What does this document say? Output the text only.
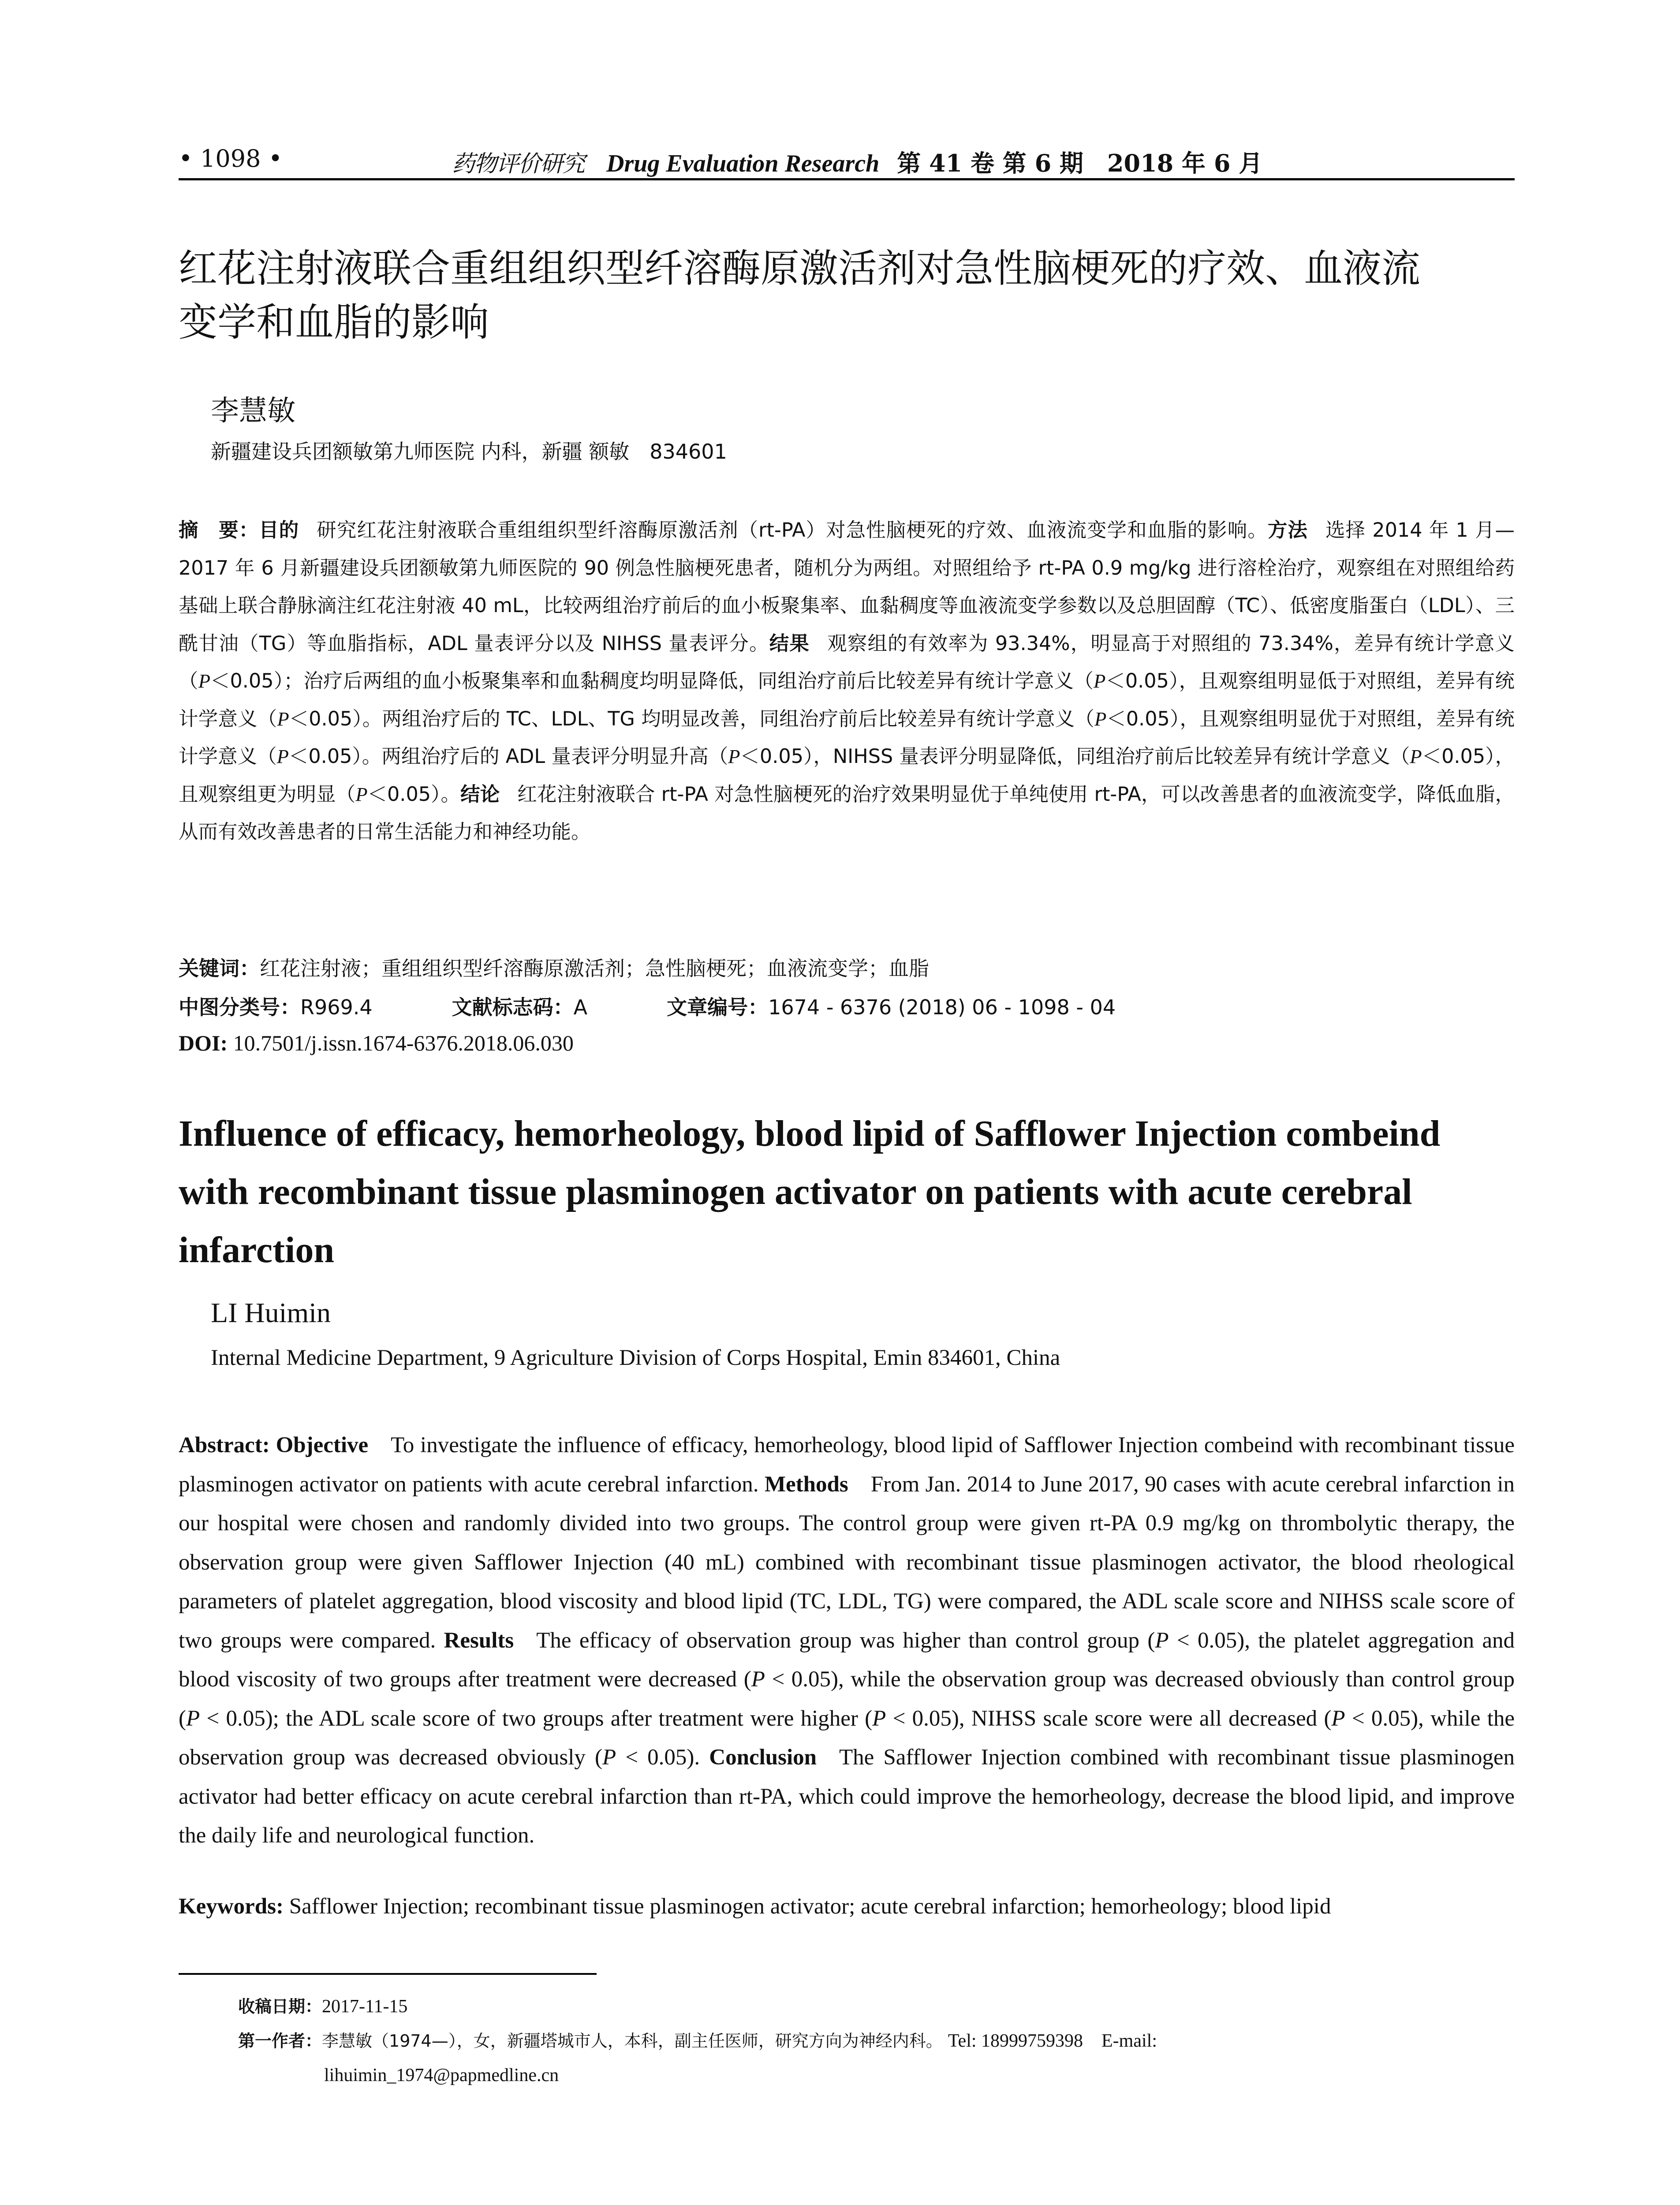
• 1098 •	药物评价研究 Drug Evaluation Research 第 41 卷 第 6 期　2018 年 6 月
红花注射液联合重组组织型纤溶酶原激活剂对急性脑梗死的疗效、血液流
变学和血脂的影响
李慧敏
新疆建设兵团额敏第九师医院 内科，新疆 额敏　834601
摘　要：目的 研究红花注射液联合重组组织型纤溶酶原激活剂（rt-PA）对急性脑梗死的疗效、血液流变学和血脂的影响。方法 选择 2014 年 1 月—2017 年 6 月新疆建设兵团额敏第九师医院的 90 例急性脑梗死患者，随机分为两组。对照组给予 rt-PA 0.9 mg/kg 进行溶栓治疗，观察组在对照组给药基础上联合静脉滴注红花注射液 40 mL，比较两组治疗前后的血小板聚集率、血黏稠度等血液流变学参数以及总胆固醇（TC）、低密度脂蛋白（LDL）、三酰甘油（TG）等血脂指标，ADL 量表评分以及 NIHSS 量表评分。结果 观察组的有效率为 93.34%，明显高于对照组的 73.34%，差异有统计学意义（P＜0.05）；治疗后两组的血小板聚集率和血黏稠度均明显降低，同组治疗前后比较差异有统计学意义（P＜0.05），且观察组明显低于对照组，差异有统计学意义（P＜0.05）。两组治疗后的 TC、LDL、TG 均明显改善，同组治疗前后比较差异有统计学意义（P＜0.05），且观察组明显优于对照组，差异有统计学意义（P＜0.05）。两组治疗后的 ADL 量表评分明显升高（P＜0.05），NIHSS 量表评分明显降低，同组治疗前后比较差异有统计学意义（P＜0.05），且观察组更为明显（P＜0.05）。结论 红花注射液联合 rt-PA 对急性脑梗死的治疗效果明显优于单纯使用 rt-PA，可以改善患者的血液流变学，降低血脂，从而有效改善患者的日常生活能力和神经功能。
关键词：红花注射液；重组组织型纤溶酶原激活剂；急性脑梗死；血液流变学；血脂
中图分类号：R969.4	文献标志码：A	文章编号：1674 - 6376 (2018) 06 - 1098 - 04
DOI: 10.7501/j.issn.1674-6376.2018.06.030
Influence of efficacy, hemorheology, blood lipid of Safflower Injection combeind
with recombinant tissue plasminogen activator on patients with acute cerebral
infarction
LI Huimin
Internal Medicine Department, 9 Agriculture Division of Corps Hospital, Emin 834601, China
Abstract: Objective  To investigate the influence of efficacy, hemorheology, blood lipid of Safflower Injection combeind with recombinant tissue plasminogen activator on patients with acute cerebral infarction. Methods  From Jan. 2014 to June 2017, 90 cases with acute cerebral infarction in our hospital were chosen and randomly divided into two groups. The control group were given rt-PA 0.9 mg/kg on thrombolytic therapy, the observation group were given Safflower Injection (40 mL) combined with recombinant tissue plasminogen activator, the blood rheological parameters of platelet aggregation, blood viscosity and blood lipid (TC, LDL, TG) were compared, the ADL scale score and NIHSS scale score of two groups were compared. Results  The efficacy of observation group was higher than control group (P < 0.05), the platelet aggregation and blood viscosity of two groups after treatment were decreased (P < 0.05), while the observation group was decreased obviously than control group (P < 0.05); the ADL scale score of two groups after treatment were higher (P < 0.05), NIHSS scale score were all decreased (P < 0.05), while the observation group was decreased obviously (P < 0.05). Conclusion  The Safflower Injection combined with recombinant tissue plasminogen activator had better efficacy on acute cerebral infarction than rt-PA, which could improve the hemorheology, decrease the blood lipid, and improve the daily life and neurological function.
Keywords: Safflower Injection; recombinant tissue plasminogen activator; acute cerebral infarction; hemorheology; blood lipid
收稿日期：2017-11-15
第一作者：李慧敏（1974—），女，新疆塔城市人，本科，副主任医师，研究方向为神经内科。 Tel: 18999759398　E-mail:
lihuimin_1974@papmedline.cn
